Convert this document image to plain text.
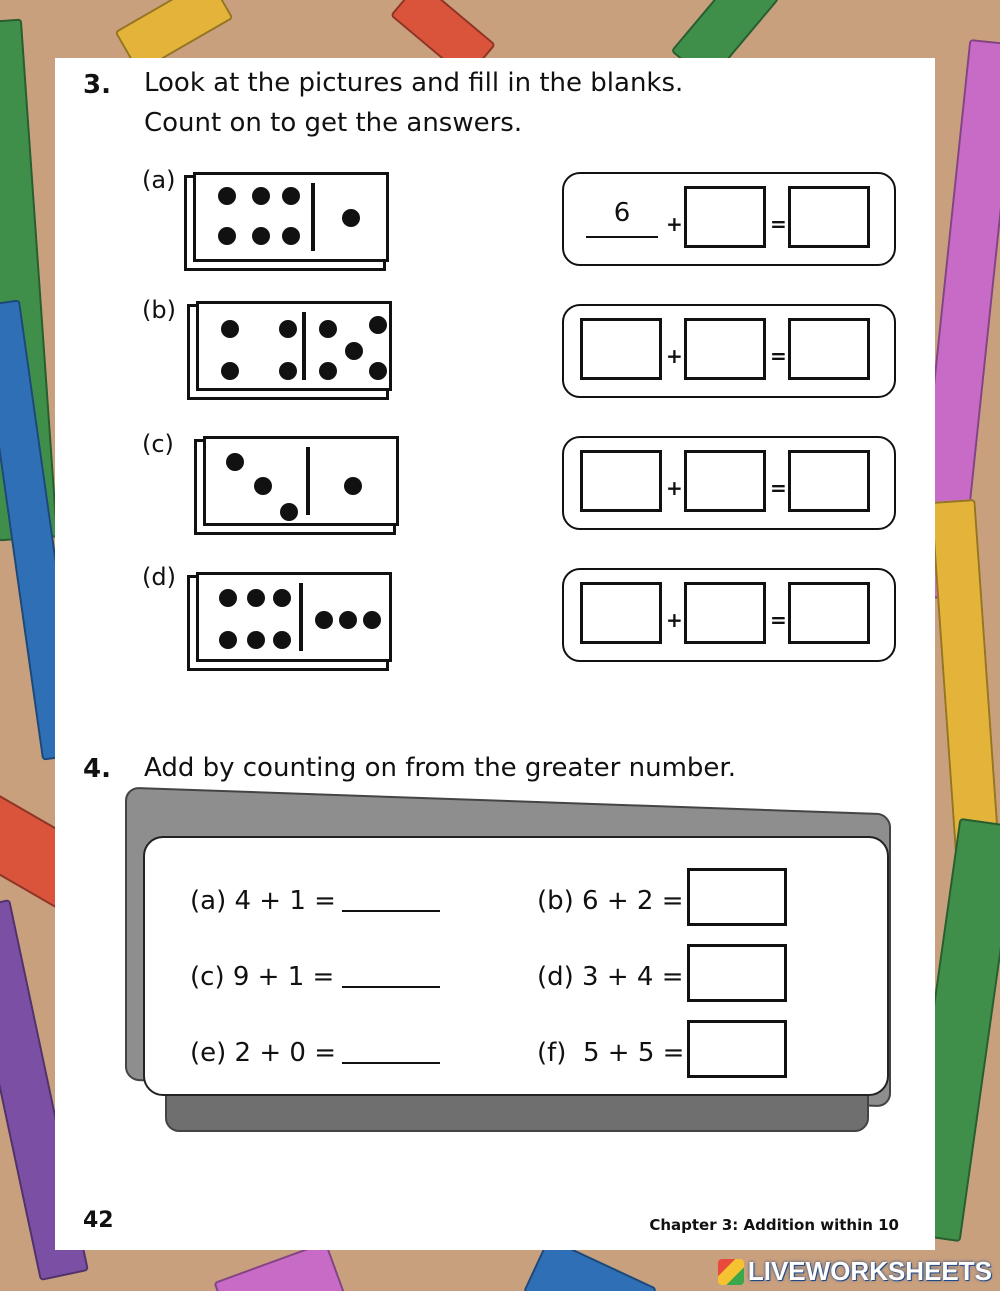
3. Look at the pictures and fill in the blanks.
Count on to get the answers.
(a)
6	+	=
(b)
+	=
(c)
+	=
(d)
+	=
4. Add by counting on from the greater number.
(a) 4 + 1 =	(b) 6 + 2 =
(c) 9 + 1 =	(d) 3 + 4 =
(e) 2 + 0 =	(f)  5 + 5 =
42	Chapter 3: Addition within 10
LIVEWORKSHEETS
